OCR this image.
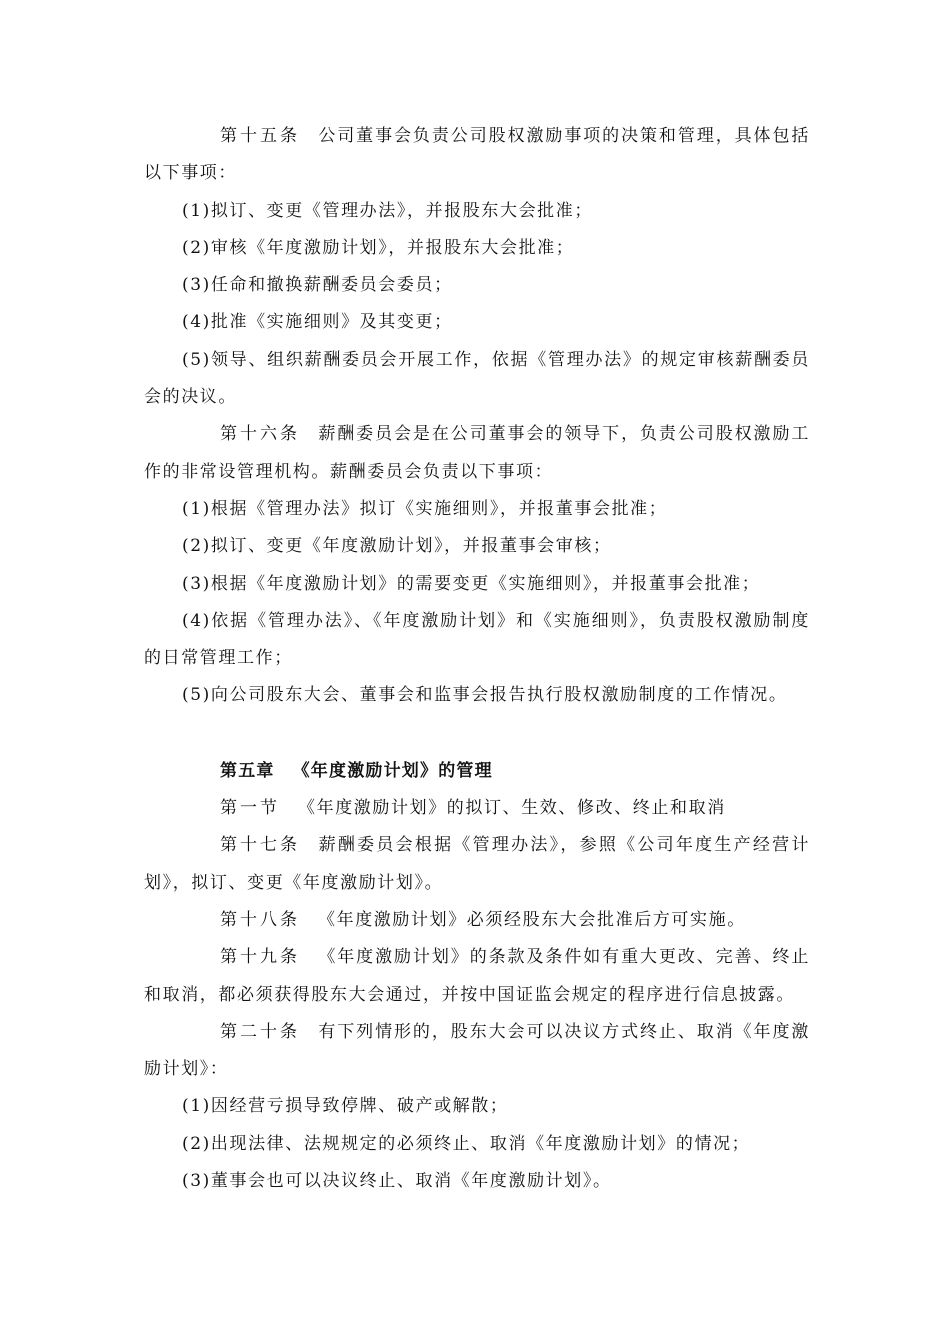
第十五条 公司董事会负责公司股权激励事项的决策和管理，具体包括以下事项：

(1)拟订、变更《管理办法》，并报股东大会批准；

(2)审核《年度激励计划》，并报股东大会批准；

(3)任命和撤换薪酬委员会委员；

(4)批准《实施细则》及其变更；

(5)领导、组织薪酬委员会开展工作，依据《管理办法》的规定审核薪酬委员会的决议。

第十六条 薪酬委员会是在公司董事会的领导下，负责公司股权激励工作的非常设管理机构。薪酬委员会负责以下事项：

(1)根据《管理办法》拟订《实施细则》，并报董事会批准；

(2)拟订、变更《年度激励计划》，并报董事会审核；

(3)根据《年度激励计划》的需要变更《实施细则》，并报董事会批准；

(4)依据《管理办法》、《年度激励计划》和《实施细则》，负责股权激励制度的日常管理工作；

(5)向公司股东大会、董事会和监事会报告执行股权激励制度的工作情况。

第五章 《年度激励计划》的管理

第一节 《年度激励计划》的拟订、生效、修改、终止和取消

第十七条 薪酬委员会根据《管理办法》，参照《公司年度生产经营计划》，拟订、变更《年度激励计划》。

第十八条 《年度激励计划》必须经股东大会批准后方可实施。

第十九条 《年度激励计划》的条款及条件如有重大更改、完善、终止和取消，都必须获得股东大会通过，并按中国证监会规定的程序进行信息披露。

第二十条 有下列情形的，股东大会可以决议方式终止、取消《年度激励计划》：

(1)因经营亏损导致停牌、破产或解散；

(2)出现法律、法规规定的必须终止、取消《年度激励计划》的情况；

(3)董事会也可以决议终止、取消《年度激励计划》。
